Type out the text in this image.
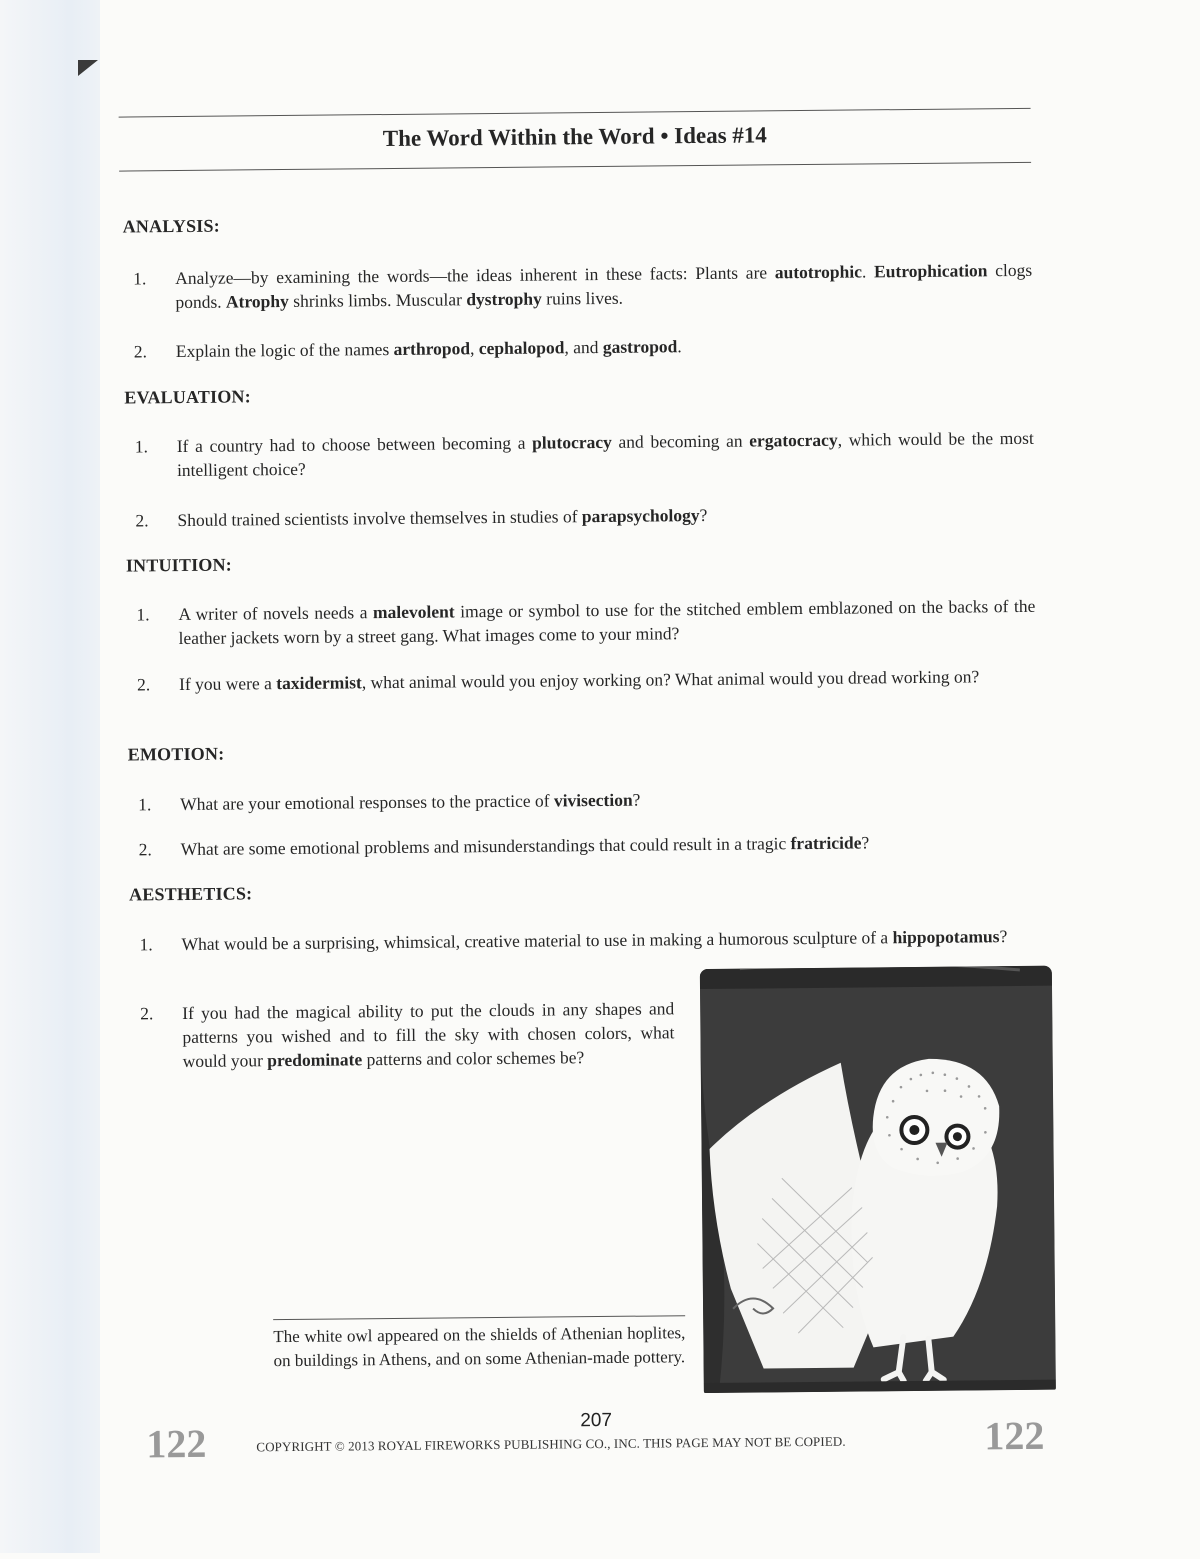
The Word Within the Word • Ideas #14
ANALYSIS:
1.	Analyze—by examining the words—the ideas inherent in these facts: Plants are autotrophic. Eutrophication clogs ponds. Atrophy shrinks limbs. Muscular dystrophy ruins lives.
2.	Explain the logic of the names arthropod, cephalopod, and gastropod.
EVALUATION:
1.	If a country had to choose between becoming a plutocracy and becoming an ergatocracy, which would be the most intelligent choice?
2.	Should trained scientists involve themselves in studies of parapsychology?
INTUITION:
1.	A writer of novels needs a malevolent image or symbol to use for the stitched emblem emblazoned on the backs of the leather jackets worn by a street gang. What images come to your mind?
2.	If you were a taxidermist, what animal would you enjoy working on? What animal would you dread working on?
EMOTION:
1.	What are your emotional responses to the practice of vivisection?
2.	What are some emotional problems and misunderstandings that could result in a tragic fratricide?
AESTHETICS:
1.	What would be a surprising, whimsical, creative material to use in making a humorous sculpture of a hippopotamus?
2.	If you had the magical ability to put the clouds in any shapes and patterns you wished and to fill the sky with chosen colors, what would your predominate patterns and color schemes be?
The white owl appeared on the shields of Athenian hoplites, on buildings in Athens, and on some Athenian-made pottery.
122
207
COPYRIGHT © 2013 ROYAL FIREWORKS PUBLISHING CO., INC. THIS PAGE MAY NOT BE COPIED.	122
